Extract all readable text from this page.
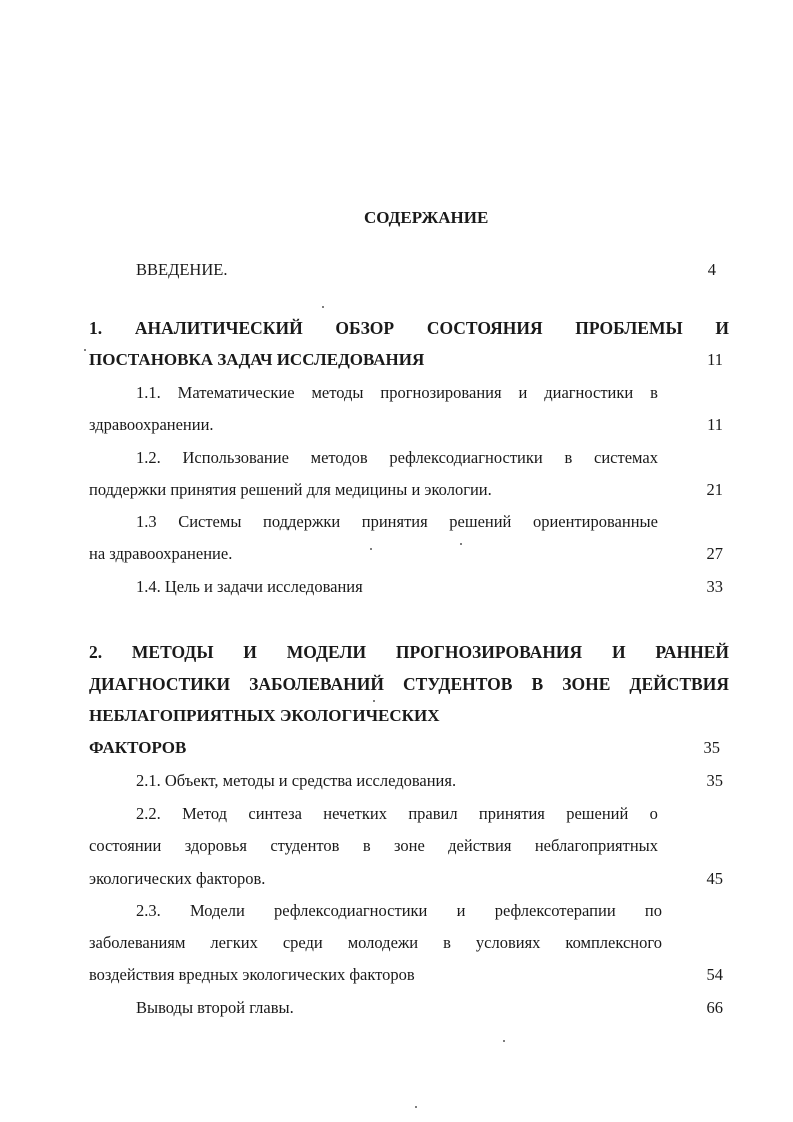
СОДЕРЖАНИЕ
ВВЕДЕНИЕ.	4
1. АНАЛИТИЧЕСКИЙ ОБЗОР СОСТОЯНИЯ ПРОБЛЕМЫ И
ПОСТАНОВКА ЗАДАЧ ИССЛЕДОВАНИЯ	11
1.1. Математические методы прогнозирования и диагностики в
здравоохранении.	11
1.2. Использование методов рефлексодиагностики в системах
поддержки принятия решений для медицины и экологии.	21
1.3 Системы поддержки принятия решений ориентированные
на здравоохранение.	27
1.4. Цель и задачи исследования	33
2. МЕТОДЫ И МОДЕЛИ ПРОГНОЗИРОВАНИЯ И РАННЕЙ
ДИАГНОСТИКИ ЗАБОЛЕВАНИЙ СТУДЕНТОВ В ЗОНЕ ДЕЙСТВИЯ
НЕБЛАГОПРИЯТНЫХ ЭКОЛОГИЧЕСКИХ
ФАКТОРОВ	35
2.1. Объект, методы и средства исследования.	35
2.2. Метод синтеза нечетких правил принятия решений о
состоянии здоровья студентов в зоне действия неблагоприятных
экологических факторов.	45
2.3. Модели рефлексодиагностики и рефлексотерапии по
заболеваниям легких среди молодежи в условиях комплексного
воздействия вредных экологических факторов	54
Выводы второй главы.	66
